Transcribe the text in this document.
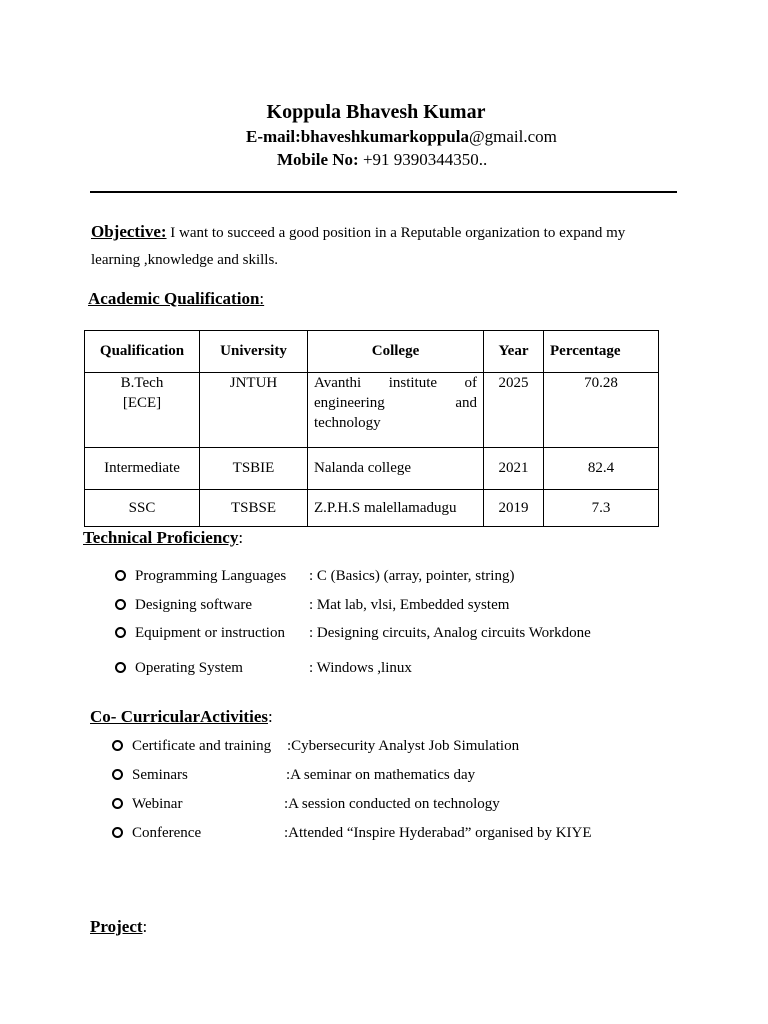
Koppula Bhavesh Kumar
E-mail:bhaveshkumarkoppula@gmail.com
Mobile No: +91 9390344350..
Objective: I want to succeed a good position in a Reputable organization to expand my learning ,knowledge and skills.
Academic Qualification:
Qualification	University	College	Year	Percentage

B.Tech
[ECE]	JNTUH	Avanthi institute of engineering and technology	2025	70.28
Intermediate	TSBIE	Nalanda college	2021	82.4
SSC	TSBSE	Z.P.H.S malellamadugu	2019	7.3
Technical Proficiency:
Programming Languages : C (Basics) (array, pointer, string)
Designing software	: Mat lab, vlsi, Embedded system
Equipment or instruction : Designing circuits, Analog circuits Workdone
Operating System	: Windows ,linux
Co- CurricularActivities:
Certificate and training :Cybersecurity Analyst Job Simulation
Seminars	:A seminar on mathematics day
Webinar	:A session conducted on technology
Conference	:Attended “Inspire Hyderabad” organised by KIYE
Project:
